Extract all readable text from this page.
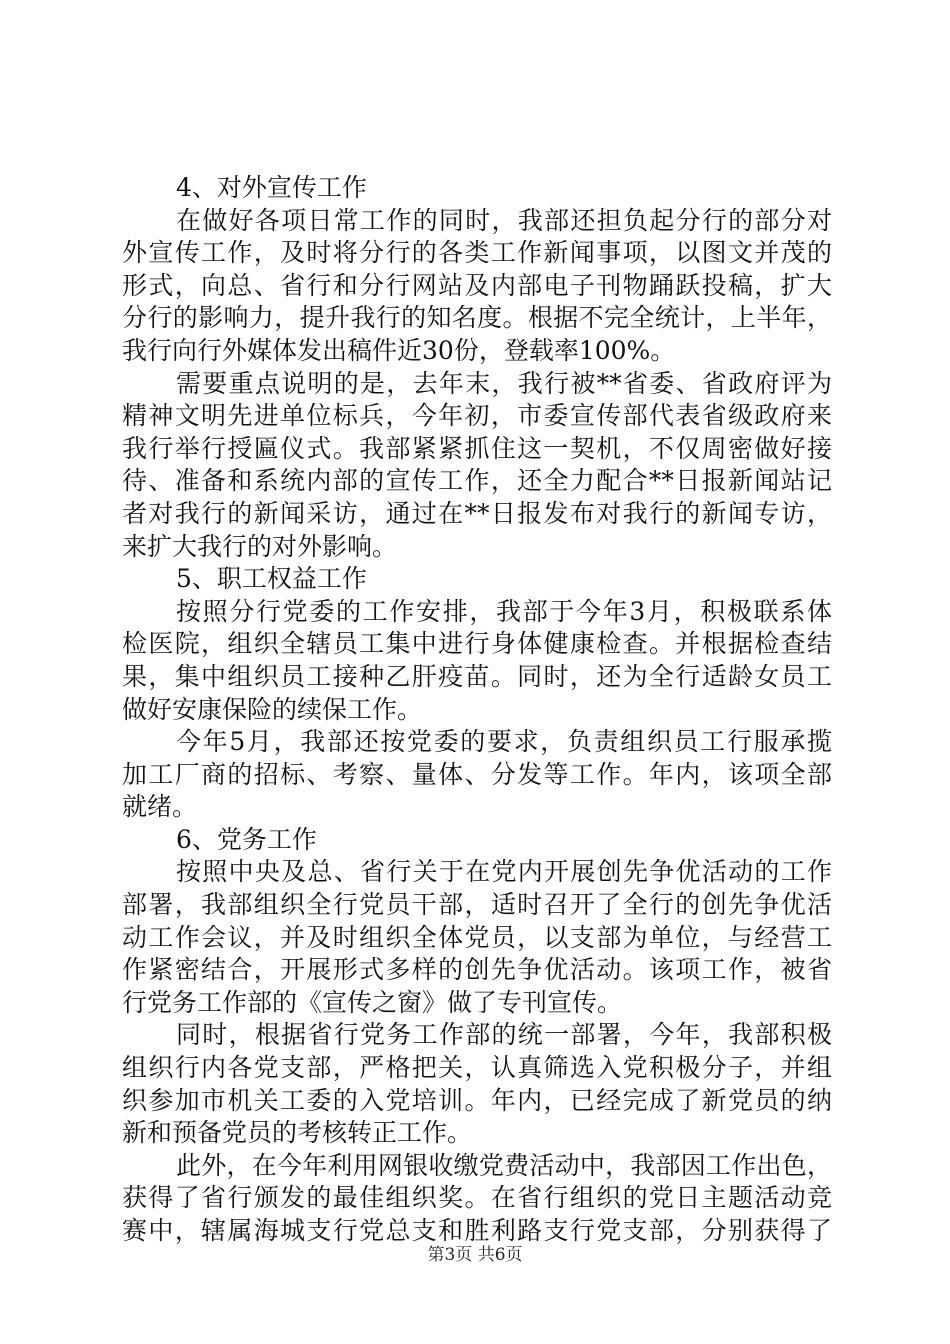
4、对外宣传工作
在做好各项日常工作的同时，我部还担负起分行的部分对
外宣传工作，及时将分行的各类工作新闻事项，以图文并茂的
形式，向总、省行和分行网站及内部电子刊物踊跃投稿，扩大
分行的影响力，提升我行的知名度。根据不完全统计，上半年，
我行向行外媒体发出稿件近30份，登载率100%。
需要重点说明的是，去年末，我行被**省委、省政府评为
精神文明先进单位标兵，今年初，市委宣传部代表省级政府来
我行举行授匾仪式。我部紧紧抓住这一契机，不仅周密做好接
待、准备和系统内部的宣传工作，还全力配合**日报新闻站记
者对我行的新闻采访，通过在**日报发布对我行的新闻专访，
来扩大我行的对外影响。
5、职工权益工作
按照分行党委的工作安排，我部于今年3月，积极联系体
检医院，组织全辖员工集中进行身体健康检查。并根据检查结
果，集中组织员工接种乙肝疫苗。同时，还为全行适龄女员工
做好安康保险的续保工作。
今年5月，我部还按党委的要求，负责组织员工行服承揽
加工厂商的招标、考察、量体、分发等工作。年内，该项全部
就绪。
6、党务工作
按照中央及总、省行关于在党内开展创先争优活动的工作
部署，我部组织全行党员干部，适时召开了全行的创先争优活
动工作会议，并及时组织全体党员，以支部为单位，与经营工
作紧密结合，开展形式多样的创先争优活动。该项工作，被省
行党务工作部的《宣传之窗》做了专刊宣传。
同时，根据省行党务工作部的统一部署，今年，我部积极
组织行内各党支部，严格把关，认真筛选入党积极分子，并组
织参加市机关工委的入党培训。年内，已经完成了新党员的纳
新和预备党员的考核转正工作。
此外，在今年利用网银收缴党费活动中，我部因工作出色，
获得了省行颁发的最佳组织奖。在省行组织的党日主题活动竞
赛中，辖属海城支行党总支和胜利路支行党支部，分别获得了
第3页 共6页
